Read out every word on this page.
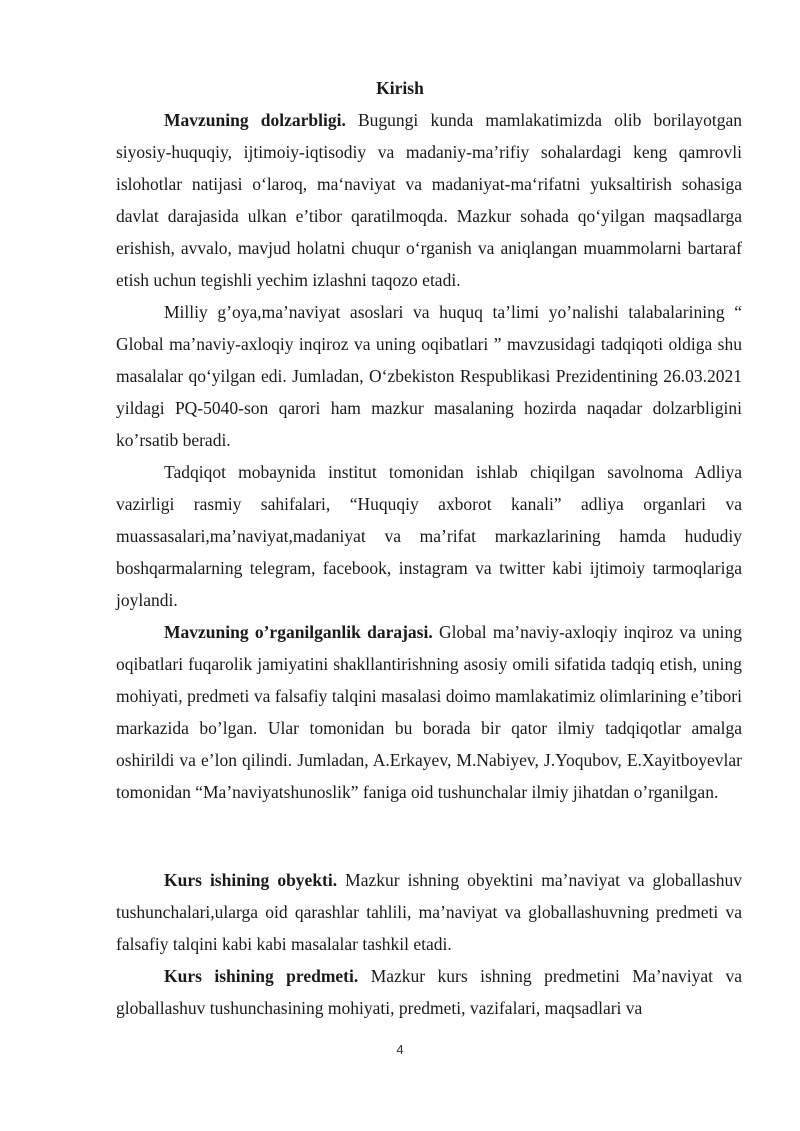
Kirish

Mavzuning dolzarbligi. Bugungi kunda mamlakatimizda olib borilayotgan siyosiy-huquqiy, ijtimoiy-iqtisodiy va madaniy-ma’rifiy sohalardagi keng qamrovli islohotlar natijasi o‘laroq, ma‘naviyat va madaniyat-ma‘rifatni yuksaltirish sohasiga davlat darajasida ulkan e’tibor qaratilmoqda. Mazkur sohada qo‘yilgan maqsadlarga erishish, avvalo, mavjud holatni chuqur o‘rganish va aniqlangan muammolarni bartaraf etish uchun tegishli yechim izlashni taqozo etadi.

Milliy g’oya,ma’naviyat asoslari va huquq ta’limi yo’nalishi talabalarining “ Global ma’naviy-axloqiy inqiroz va uning oqibatlari ” mavzusidagi tadqiqoti oldiga shu masalalar qo‘yilgan edi. Jumladan, O‘zbekiston Respublikasi Prezidentining 26.03.2021 yildagi PQ-5040-son qarori ham mazkur masalaning hozirda naqadar dolzarbligini ko’rsatib beradi.

Tadqiqot mobaynida institut tomonidan ishlab chiqilgan savolnoma Adliya vazirligi rasmiy sahifalari, “Huquqiy axborot kanali” adliya organlari va muassasalari,ma’naviyat,madaniyat va ma’rifat markazlarining hamda hududiy boshqarmalarning telegram, facebook, instagram va twitter kabi ijtimoiy tarmoqlariga joylandi.

Mavzuning o’rganilganlik darajasi. Global ma’naviy-axloqiy inqiroz va uning oqibatlari fuqarolik jamiyatini shakllantirishning asosiy omili sifatida tadqiq etish, uning mohiyati, predmeti va falsafiy talqini masalasi doimo mamlakatimiz olimlarining e’tibori markazida bo’lgan. Ular tomonidan bu borada bir qator ilmiy tadqiqotlar amalga oshirildi va e’lon qilindi. Jumladan, A.Erkayev, M.Nabiyev, J.Yoqubov, E.Xayitboyevlar tomonidan “Ma’naviyatshunoslik” faniga oid tushunchalar ilmiy jihatdan o’rganilgan.

Kurs ishining obyekti. Mazkur ishning obyektini ma’naviyat va globallashuv tushunchalari,ularga oid qarashlar tahlili, ma’naviyat va globallashuvning predmeti va falsafiy talqini kabi kabi masalalar tashkil etadi.

Kurs ishining predmeti. Mazkur kurs ishning predmetini Ma’naviyat va globallashuv tushunchasining mohiyati, predmeti, vazifalari, maqsadlari va

4
